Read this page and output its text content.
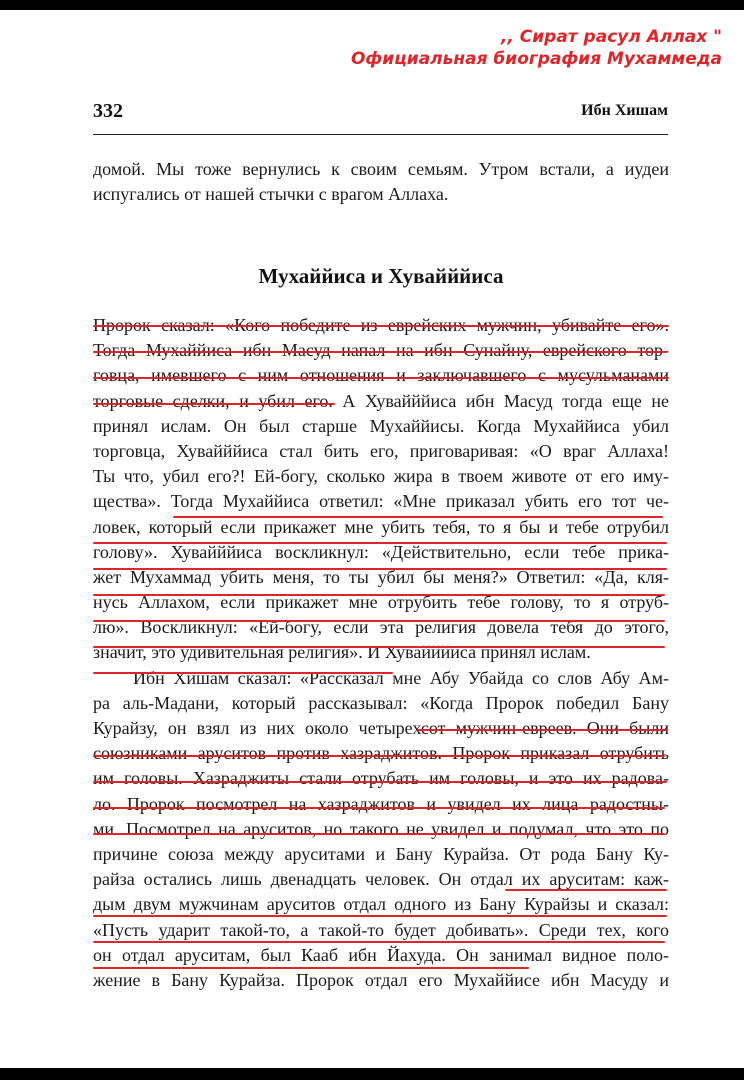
,, Сират расул Аллах "
Официальная биография Мухаммеда
332	Ибн Хишам
домой. Мы тоже вернулись к своим семьям. Утром встали, а иудеи испугались от нашей стычки с врагом Аллаха.
Мухаййиса и Хувайййиса
Пророк сказал: «Кого победите из еврейских мужчин, убивайте его».
Тогда Мухаййиса ибн Масуд напал на ибн Сунайну, еврейского тор-
говца, имевшего с ним отношения и заключавшего с мусульманами
торговые сделки, и убил его. А Хувайййиса ибн Масуд тогда еще не
принял ислам. Он был старше Мухаййисы. Когда Мухаййиса убил
торговца, Хувайййиса стал бить его, приговаривая: «О враг Аллаха!
Ты что, убил его?! Ей-богу, сколько жира в твоем животе от его иму-
щества». Тогда Мухаййиса ответил: «Мне приказал убить его тот че-
ловек, который если прикажет мне убить тебя, то я бы и тебе отрубил
голову». Хувайййиса воскликнул: «Действительно, если тебе прика-
жет Мухаммад убить меня, то ты убил бы меня?» Ответил: «Да, кля-
нусь Аллахом, если прикажет мне отрубить тебе голову, то я отруб-
лю». Воскликнул: «Ей-богу, если эта религия довела тебя до этого,
значит, это удивительная религия». И Хувайййиса принял ислам.
Ибн Хишам сказал: «Рассказал мне Абу Убайда со слов Абу Ам-
ра аль-Мадани, который рассказывал: «Когда Пророк победил Бану
Курайзу, он взял из них около четырехсот мужчин-евреев. Они были
союзниками аруситов против хазраджитов. Пророк приказал отрубить
им головы. Хазраджиты стали отрубать им головы, и это их радова-
ло. Пророк посмотрел на хазраджитов и увидел их лица радостны-
ми. Посмотрел на аруситов, но такого не увидел и подумал, что это по
причине союза между аруситами и Бану Курайза. От рода Бану Ку-
райза остались лишь двенадцать человек. Он отдал их аруситам: каж-
дым двум мужчинам аруситов отдал одного из Бану Курайзы и сказал:
«Пусть ударит такой-то, а такой-то будет добивать». Среди тех, кого
он отдал аруситам, был Кааб ибн Йахуда. Он занимал видное поло-
жение в Бану Курайза. Пророк отдал его Мухаййисе ибн Масуду и
